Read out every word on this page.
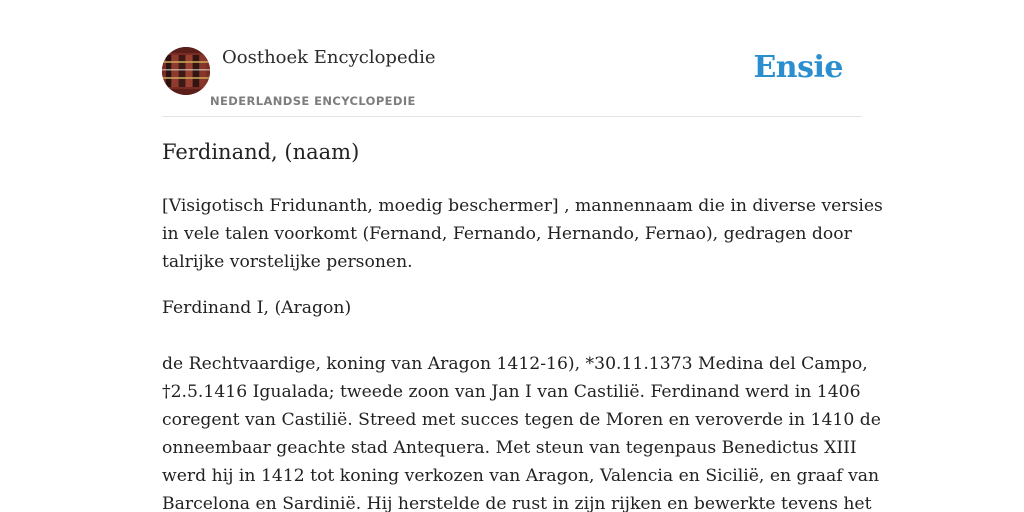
Oosthoek Encyclopedie
NEDERLANDSE ENCYCLOPEDIE
Ensie
Ferdinand, (naam)

[Visigotisch Fridunanth, moedig beschermer] , mannennaam die in diverse versies
in vele talen voorkomt (Fernand, Fernando, Hernando, Fernao), gedragen door
talrijke vorstelijke personen.

Ferdinand I, (Aragon)

de Rechtvaardige, koning van Aragon 1412-16), *30.11.1373 Medina del Campo,
†2.5.1416 Igualada; tweede zoon van Jan I van Castilië. Ferdinand werd in 1406
coregent van Castilië. Streed met succes tegen de Moren en veroverde in 1410 de
onneembaar geachte stad Antequera. Met steun van tegenpaus Benedictus XIII
werd hij in 1412 tot koning verkozen van Aragon, Valencia en Sicilië, en graaf van
Barcelona en Sardinië. Hij herstelde de rust in zijn rijken en bewerkte tevens het
